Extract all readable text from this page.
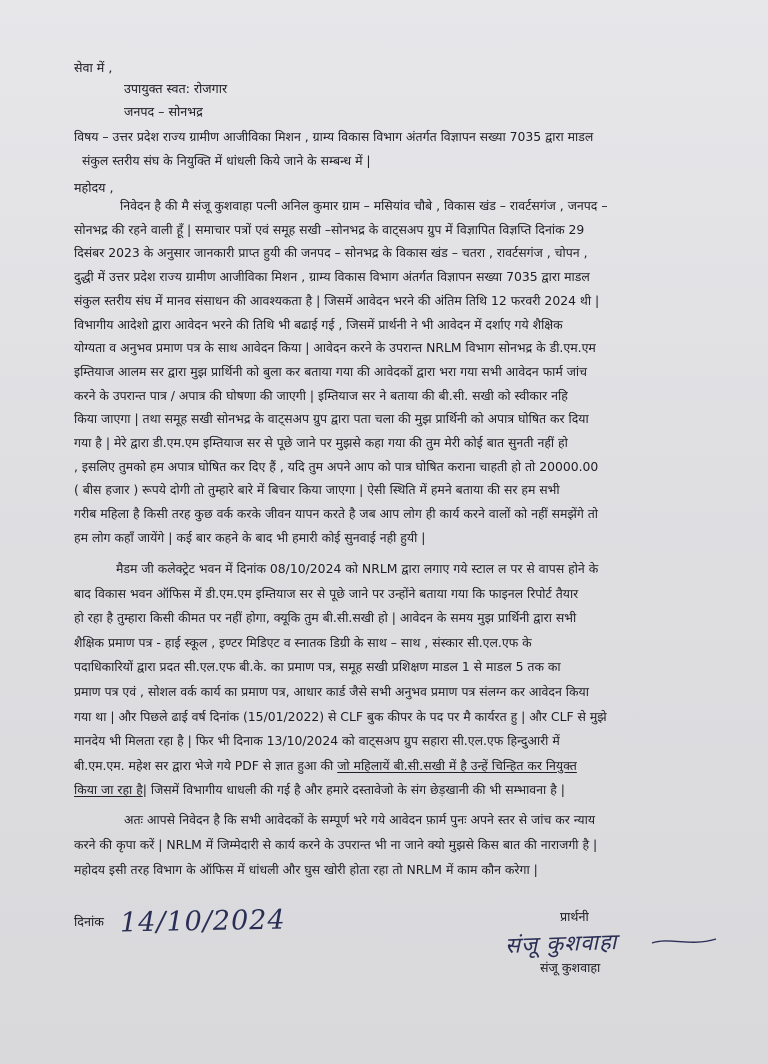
सेवा में ,
उपायुक्त स्वत: रोजगार
जनपद – सोनभद्र
विषय – उत्तर प्रदेश राज्य ग्रामीण आजीविका मिशन , ग्राम्य विकास विभाग अंतर्गत विज्ञापन सख्या 7035 द्वारा माडल
संकुल स्तरीय संघ के नियुक्ति में धांधली किये जाने के सम्बन्ध में |
महोदय ,
निवेदन है की मै संजू कुशवाहा पत्नी अनिल कुमार ग्राम – मसियांव चौबे , विकास खंड – रावर्टसगंज , जनपद –
सोनभद्र की रहने वाली हूँ | समाचार पत्रों एवं समूह सखी –सोनभद्र के वाट्सअप ग्रुप में विज्ञापित विज्ञप्ति दिनांक 29
दिसंबर 2023 के अनुसार जानकारी प्राप्त हुयी की जनपद – सोनभद्र के विकास खंड – चतरा , रावर्टसगंज , चोपन ,
दुद्धी में उत्तर प्रदेश राज्य ग्रामीण आजीविका मिशन , ग्राम्य विकास विभाग अंतर्गत विज्ञापन सख्या 7035 द्वारा माडल
संकुल स्तरीय संघ में मानव संसाधन की आवश्यकता है | जिसमें आवेदन भरने की अंतिम तिथि 12 फरवरी 2024 थी |
विभागीय आदेशो द्वारा आवेदन भरने की तिथि भी बढाई गई , जिसमें प्रार्थनी ने भी आवेदन में दर्शाए गये शैक्षिक
योग्यता व अनुभव प्रमाण पत्र के साथ आवेदन किया | आवेदन करने के उपरान्त NRLM विभाग सोनभद्र के डी.एम.एम
इम्तियाज आलम सर द्वारा मुझ प्रार्थिनी को बुला कर बताया गया की आवेदकों द्वारा भरा गया सभी आवेदन फार्म जांच
करने के उपरान्त पात्र / अपात्र की घोषणा की जाएगी | इम्तियाज सर ने बताया की बी.सी. सखी को स्वीकार नहि
किया जाएगा | तथा समूह सखी सोनभद्र के वाट्सअप ग्रुप द्वारा पता चला की मुझ प्रार्थिनी को अपात्र घोषित कर दिया
गया है | मेरे द्वारा डी.एम.एम इम्तियाज सर से पूछे जाने पर मुझसे कहा गया की तुम मेरी कोई बात सुनती नहीं हो
, इसलिए तुमको हम अपात्र घोषित कर दिए हैं , यदि तुम अपने आप को पात्र घोषित कराना चाहती हो तो 20000.00
( बीस हजार ) रूपये दोगी तो तुम्हारे बारे में बिचार किया जाएगा | ऐसी स्थिति में हमने बताया की सर हम सभी
गरीब महिला है किसी तरह कुछ वर्क करके जीवन यापन करते है जब आप लोग ही कार्य करने वालों को नहीं समझेंगे तो
हम लोग कहाँ जायेंगे | कई बार कहने के बाद भी हमारी कोई सुनवाई नही हुयी |
मैडम जी कलेक्ट्रेट भवन में दिनांक 08/10/2024 को NRLM द्वारा लगाए गये स्टाल ल पर से वापस होने के
बाद विकास भवन ऑफिस में डी.एम.एम इम्तियाज सर से पूछे जाने पर उन्होंने बताया गया कि फाइनल रिपोर्ट तैयार
हो रहा है तुम्हारा किसी कीमत पर नहीं होगा, क्यूकि तुम बी.सी.सखी हो | आवेदन के समय मुझ प्रार्थिनी द्वारा सभी
शैक्षिक प्रमाण पत्र - हाई स्कूल , इण्टर मिडिएट व स्नातक डिग्री के साथ – साथ , संस्कार सी.एल.एफ के
पदाधिकारियों द्वारा प्रदत सी.एल.एफ बी.के. का प्रमाण पत्र, समूह सखी प्रशिक्षण माडल 1 से माडल 5 तक का
प्रमाण पत्र एवं , सोशल वर्क कार्य का प्रमाण पत्र, आधार कार्ड जैसे सभी अनुभव प्रमाण पत्र संलग्न कर आवेदन किया
गया था | और पिछले ढाई वर्ष दिनांक (15/01/2022) से CLF बुक कीपर के पद पर मै कार्यरत हु | और CLF से मुझे
मानदेय भी मिलता रहा है | फिर भी दिनाक 13/10/2024 को वाट्सअप ग्रुप सहारा सी.एल.एफ हिन्दुआरी में
बी.एम.एम. महेश सर द्वारा भेजे गये PDF से ज्ञात हुआ की जो महिलायें बी.सी.सखी में है उन्हें चिन्हित कर नियुक्त
किया जा रहा है| जिसमें विभागीय धाधली की गई है और हमारे दस्तावेजो के संग छेड़खानी की भी सम्भावना है |
अतः आपसे निवेदन है कि सभी आवेदकों के सम्पूर्ण भरे गये आवेदन फ़ार्म पुनः अपने स्तर से जांच कर न्याय
करने की कृपा करें | NRLM में जिम्मेदारी से कार्य करने के उपरान्त भी ना जाने क्यो मुझसे किस बात की नाराजगी है |
महोदय इसी तरह विभाग के ऑफिस में धांधली और घुस खोरी होता रहा तो NRLM में काम कौन करेगा |
दिनांक 14/10/2024	प्रार्थनी
संजू कुशवाहा
संजू कुशवाहा
